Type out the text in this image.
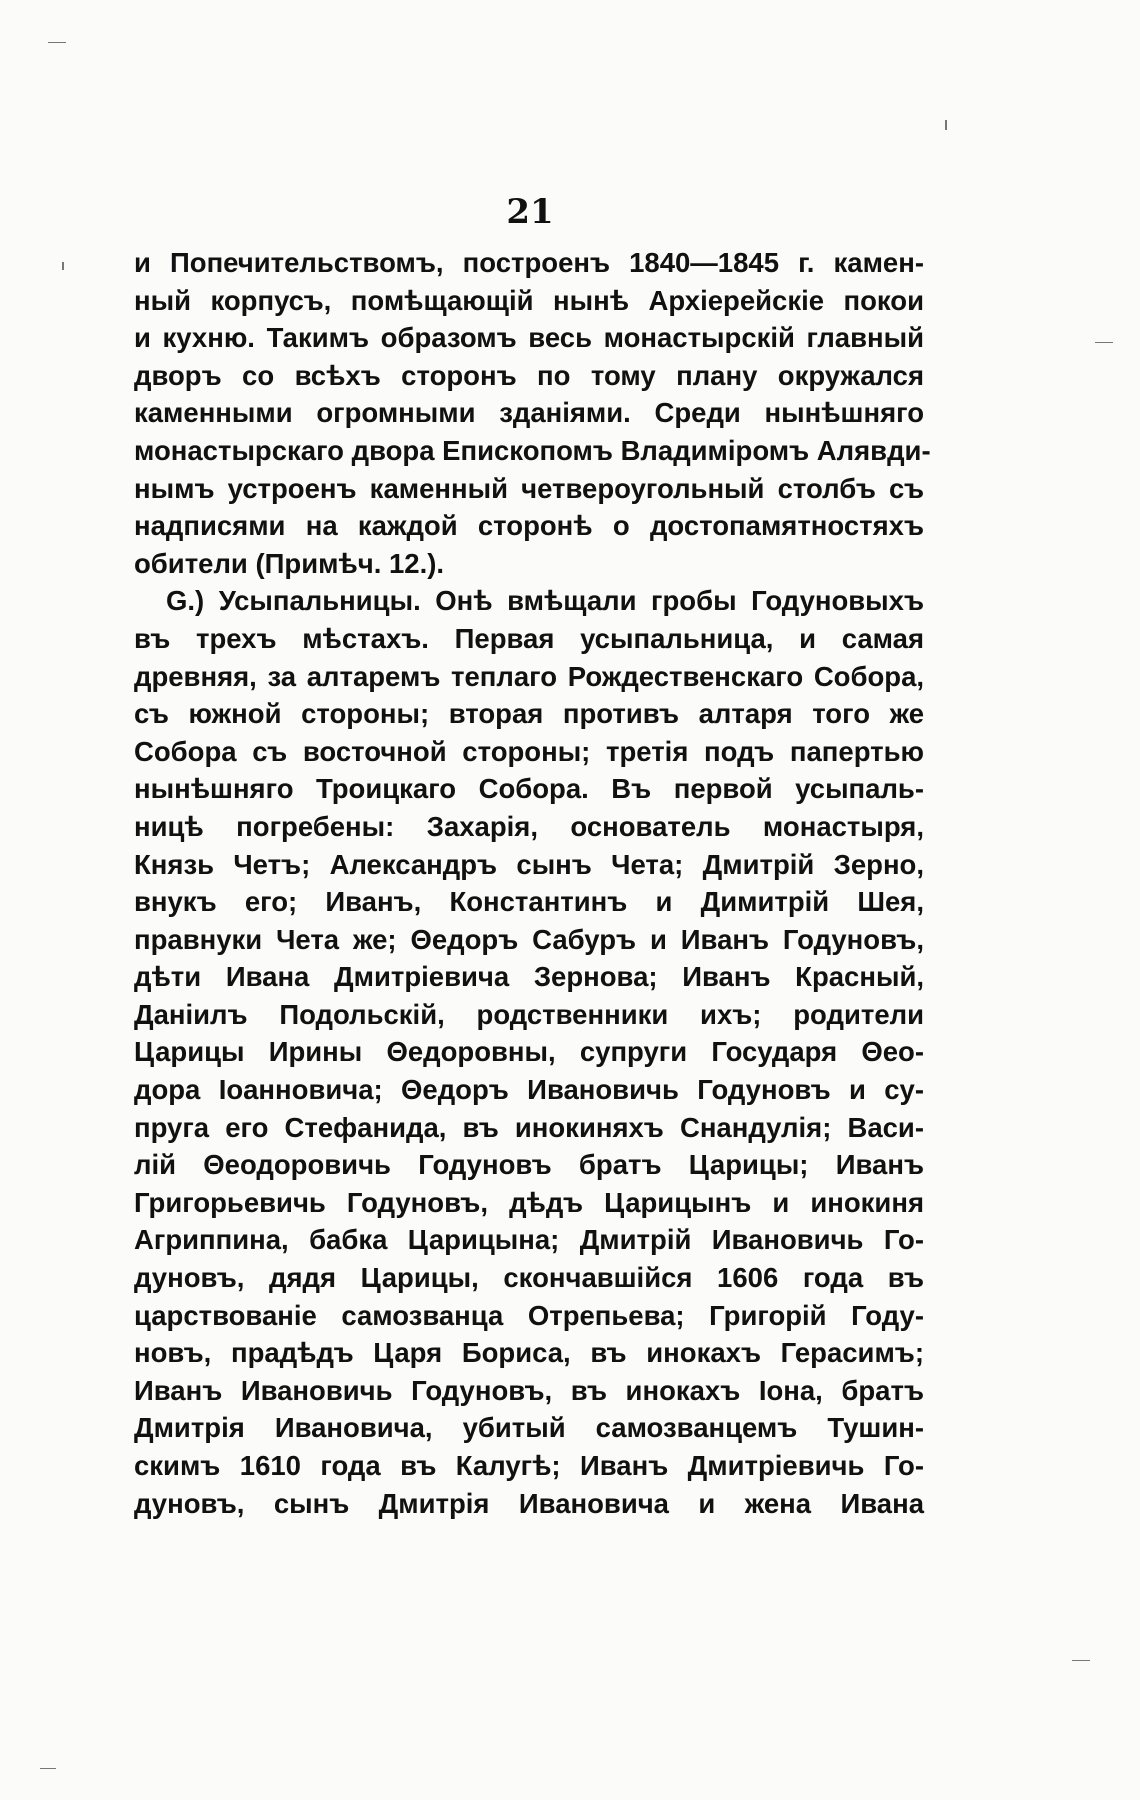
21
и Попечительствомъ, построенъ 1840—1845 г. камен-
ный корпусъ, помѣщающій нынѣ Архіерейскіе покои
и кухню. Такимъ образомъ весь монастырскій главный
дворъ со всѣхъ сторонъ по тому плану окружался
каменными огромными зданіями. Среди нынѣшняго
монастырскаго двора Епископомъ Владиміромъ Алявди-
нымъ устроенъ каменный четвероугольный столбъ съ
надписями на каждой сторонѣ о достопамятностяхъ
обители (Примѣч. 12.).
G.) Усыпальницы. Онѣ вмѣщали гробы Годуновыхъ
въ трехъ мѣстахъ. Первая усыпальница, и самая
древняя, за алтаремъ теплаго Рождественскаго Собора,
съ южной стороны; вторая противъ алтаря того же
Собора съ восточной стороны; третія подъ папертью
нынѣшняго Троицкаго Собора. Въ первой усыпаль-
ницѣ погребены: Захарія, основатель монастыря,
Князь Четъ; Александръ сынъ Чета; Дмитрій Зерно,
внукъ его; Иванъ, Константинъ и Димитрій Шея,
правнуки Чета же; Θедоръ Сабуръ и Иванъ Годуновъ,
дѣти Ивана Дмитріевича Зернова; Иванъ Красный,
Даніилъ Подольскій, родственники ихъ; родители
Царицы Ирины Θедоровны, супруги Государя Θео-
дора Іоанновича; Θедоръ Ивановичь Годуновъ и су-
пруга его Стефанида, въ инокиняхъ Снандулія; Васи-
лій Θеодоровичь Годуновъ братъ Царицы; Иванъ
Григорьевичь Годуновъ, дѣдъ Царицынъ и инокиня
Агриппина, бабка Царицына; Дмитрій Ивановичь Го-
дуновъ, дядя Царицы, скончавшійся 1606 года въ
царствованіе самозванца Отрепьева; Григорій Году-
новъ, прадѣдъ Царя Бориса, въ инокахъ Герасимъ;
Иванъ Ивановичь Годуновъ, въ инокахъ Іона, братъ
Дмитрія Ивановича, убитый самозванцемъ Тушин-
скимъ 1610 года въ Калугѣ; Иванъ Дмитріевичь Го-
дуновъ, сынъ Дмитрія Ивановича и жена Ивана
